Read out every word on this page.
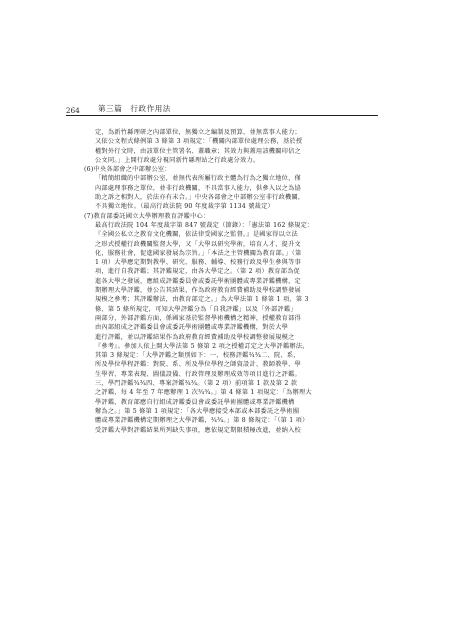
264 第三篇　行政作用法

定，為新竹縣理研之內部單位，無獨立之編制及預算，並無當事人能力；

又依公文程式條例第 3 條第 3 項規定：「機關內部單位處理公務，基於授

權對外行文時，由該單位主管署名、蓋職章；其效力與蓋用該機關印信之

公文同。」上開行政處分視同新竹縣理站之行政處分效力。

(6)中央各部會之中部辦公室：

「精簡組織的中部辦公室，並無代表所屬行政主體為行為之獨立地位，僅

內部處理事務之單位，並非行政機關，不具當事人能力，供參入以之為協

助之訴之相對人，於法亦有未合。」中央各部會之中部辦公室非行政機關，

不具獨立地位。（最高行政法院 90 年度裁字第 1134 號裁定）

(7)教育部委託國立大學辦理教育評鑑中心：

最高行政法院 104 年度裁字第 847 號裁定（節錄）：「憲法第 162 條規定：

『全國公私立之教育文化機關，依法律受國家之監督。』是國家得以立法

之形式授權行政機關監督大學，又「大學以研究學術，培育人才，提升文

化，服務社會，促進國家發展為宗旨。」「本法之主管機關為教育部。」（第

1 項）大學應定期對教學、研究、服務、輔導、校務行政及學生參與等事

項，進行自我評鑑；其評鑑規定，由各大學定之。（第 2 項）教育部為促

進各大學之發展，應組成評鑑委員會或委託學術團體或專業評鑑機構，定

期辦理大學評鑑，並公告其結果，作為政府教育經費補助及學校調整發展

規模之參考；其評鑑辦法，由教育部定之。」為大學法第 1 條第 1 項、第 3

條、第 5 條所規定，可知大學評鑑分為「自我評鑑」以及「外部評鑑」

兩部分，外部評鑑方面，係國家基於監督學術機構之精神，授權教育部得

由內部組成之評鑑委員會或委託學術團體或專業評鑑機構，對於大學

進行評鑑，並以評鑑結果作為政府教育經費補助及學校調整發展規模之

『參考』。參加人依上開大學法第 5 條第 2 項之授權訂定之大學評鑑辦法，

其第 3 條規定：「大學評鑑之類別如下：一、校務評鑑¾¾二、院、系、

所及學位學程評鑑：對院、系、所及學位學程之師資設計、教師教學、學

生學習、專業表現、圖儀設備、行政管理及辦理成效等項目進行之評鑑。

三、學門評鑑¾¾四、專案評鑑¾¾。（第 2 項）前項第 1 款及第 2 款

之評鑑，每 4 年至 7 年應辦理 1 次¾¾。」第 4 條第 1 項規定：「為辦理大

學評鑑，教育部應自行組成評鑑委員會或委託學術團體或專業評鑑機構

辦為之。」第 5 條第 1 項規定：「各大學應接受本部或本部委託之學術團

體或專業評鑑機構定期辦理之大學評鑑，¾¾。」第 8 條規定：「（第 1 項）

受評鑑大學對評鑑結果所列缺失事項，應依規定期限積極改進，並納入校
